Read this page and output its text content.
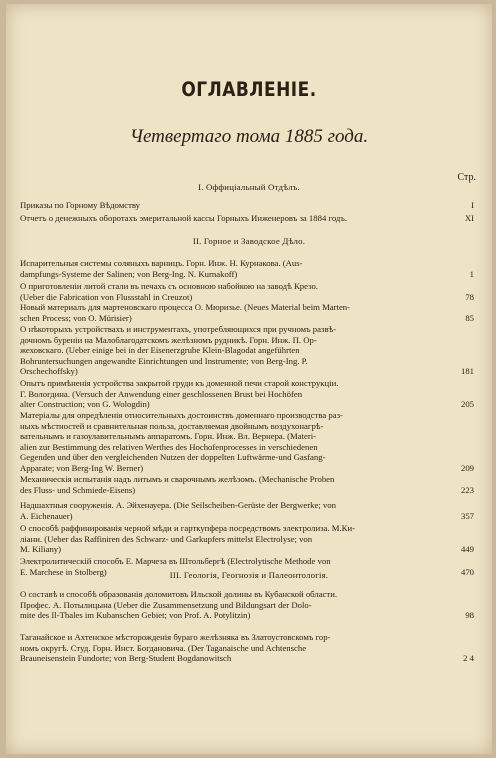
ОГЛАВЛЕНІЕ.
Четвертаго тома 1885 года.
Стр.
I. Оффиціальный Отдѣлъ.
Приказы по Горному Вѣдомству	I
Отчетъ о денежныхъ оборотахъ эмеритальной кассы Горныхъ Инженеровъ за 1884 годъ.	XI
II. Горное и Заводское Дѣло.
Испарительныя системы соляныхъ варницъ. Горн. Инж. Н. Курнакова. (Aus-
dampfungs-Systeme der Salinen; von Berg-Ing. N. Kurnakoff)	1
О приготовленіи литой стали въ печахъ съ основною набойкою на заводѣ Крезо.
(Ueber die Fabrication von Flussstahl in Creuzot)	78
Новый материалъ для мартеновскаго процесса О. Мюризье. (Neues Material beim Marten-
schen Process; von O. Mürisier)	85
О нѣкоторыхъ устройствахъ и инструментахъ, употребляющихся при ручномъ развѣ-
дочномъ буреніи на Малоблагодатскомъ желѣзномъ рудникѣ. Горн. Инж. П. Ор-
жеховскаго. (Ueber einige bei in der Eisenerzgrube Klein-Blagodat angeführten
Bohruntersuchungen angewandte Einrichtungen und Instrumente; von Berg-Ing. P.
Orschechoffsky)	181
Опытъ примѣненія устройства закрытой груди къ доменной печи старой конструкціи.
Г. Вологдина. (Versuch der Anwendung einer geschlossenen Brust bei Hochöfen
alter Construction; von G. Wologdin)	205
Матеріалы для опредѣленія относительныхъ достоинствъ доменнаго производства раз-
ныхъ мѣстностей и сравнительная польза, доставляемая двойнымъ воздухонагрѣ-
вательнымъ и газоулавительнымъ аппаратомъ. Горн. Инж. Вл. Вернера. (Materi-
alien zur Bestimmung des relativen Werthes des Hochofenprocesses in verschiedenen
Gegenden und über den vergleichenden Nutzen der doppelten Luftwärme-und Gasfang-
Apparate; von Berg-Ing W. Berner)	209
Механическія испытанія надъ литымъ и сварочнымъ желѣзомъ. (Mechanische Proben
des Fluss- und Schmiede-Eisens)	223
Надшахтныя сооруженія. А. Эйхенауера. (Die Seilscheiben-Gerüste der Bergwerke; von
A. Eichenauer)	357
О способѣ раффинированія черной мѣди и гарткупфера посредствомъ электролиза. М.Ки-
ліани. (Ueber das Raffiniren des Schwarz- und Garkupfers mittelst Electrolyse; von
M. Kiliany)	449
Электролитическій способъ Е. Марчеза въ Штольбергѣ (Electrolytische Methode von
E. Marchese in Stolberg)	470
III. Геологія, Геогнозія и Палеонтологія.
О составѣ и способѣ образованія доломитовъ Ильской долины въ Кубанской области.
Профес. А. Потылицына (Ueber die Zusammensetzung und Bildungsart der Dolo-
mite des Il-Thales im Kubanschen Gebiet; von Prof. A. Potylitzin)	98
Таганайское и Ахтенское мѣсторожденія бураго желѣзняка въ Златоустовскомъ гор-
номъ округѣ. Студ. Горн. Инст. Богдановича. (Der Taganaische und Achtensche
Brauneisenstein Fundorte; von Berg-Student Bogdanowitsch	2 4
